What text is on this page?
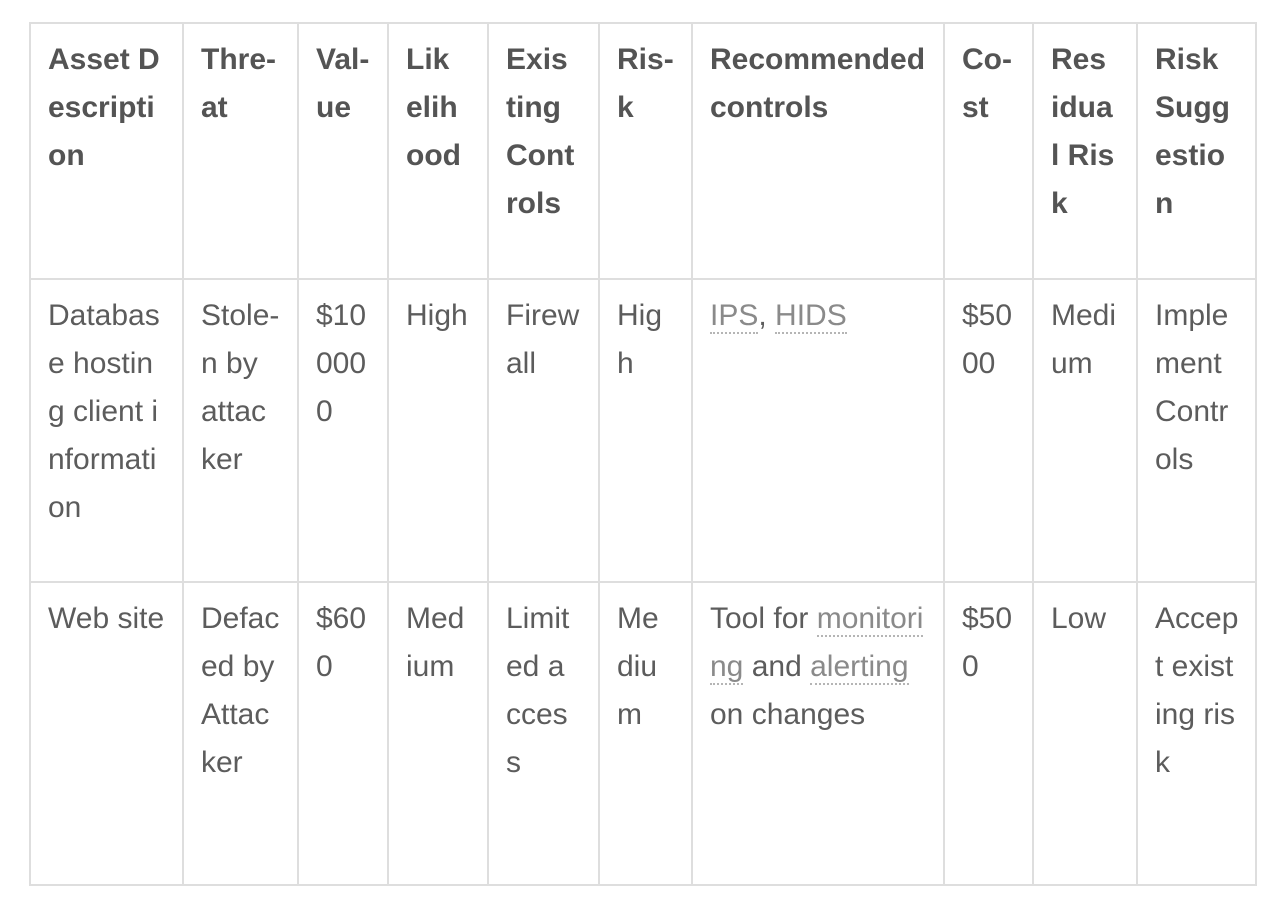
Asset Description	Threat	Value	Likelihood	Existing Controls	Risk	Recommended controls	Cost	Residual Risk	Risk Suggestion
Database hosting client information	Stolen by attacker	$100000	High	Firewall	High	IPS, HIDS	$5000	Medium	Implement Controls
Web site	Defaced by Attacker	$600	Medium	Limited access	Medium	Tool for monitoring and alerting on changes	$500	Low	Accept existing risk
